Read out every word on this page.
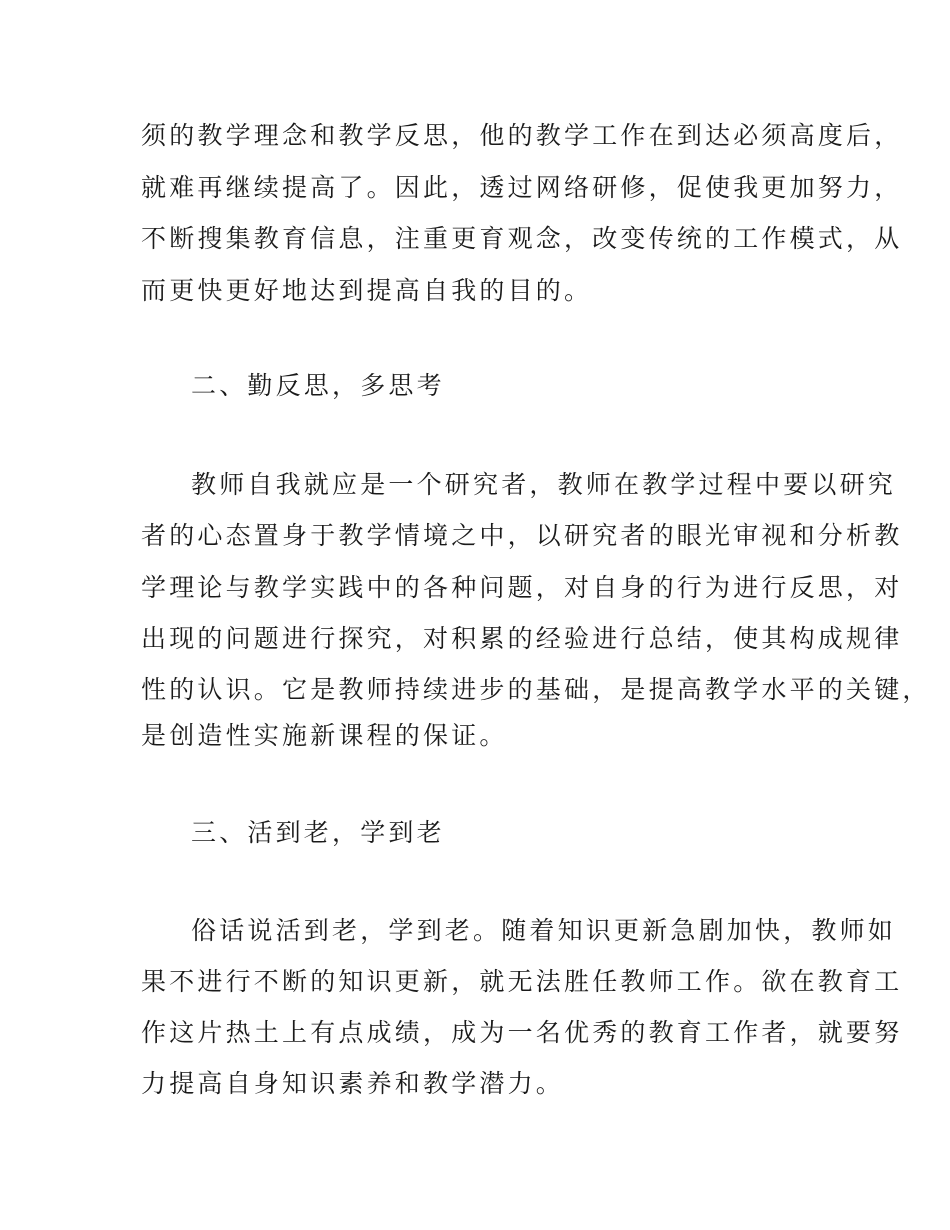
须的教学理念和教学反思，他的教学工作在到达必须高度后，
就难再继续提高了。因此，透过网络研修，促使我更加努力，
不断搜集教育信息，注重更育观念，改变传统的工作模式，从
而更快更好地达到提高自我的目的。
二、勤反思，多思考
教师自我就应是一个研究者，教师在教学过程中要以研究
者的心态置身于教学情境之中，以研究者的眼光审视和分析教
学理论与教学实践中的各种问题，对自身的行为进行反思，对
出现的问题进行探究，对积累的经验进行总结，使其构成规律
性的认识。它是教师持续进步的基础，是提高教学水平的关键，
是创造性实施新课程的保证。
三、活到老，学到老
俗话说活到老，学到老。随着知识更新急剧加快，教师如
果不进行不断的知识更新，就无法胜任教师工作。欲在教育工
作这片热土上有点成绩，成为一名优秀的教育工作者，就要努
力提高自身知识素养和教学潜力。
